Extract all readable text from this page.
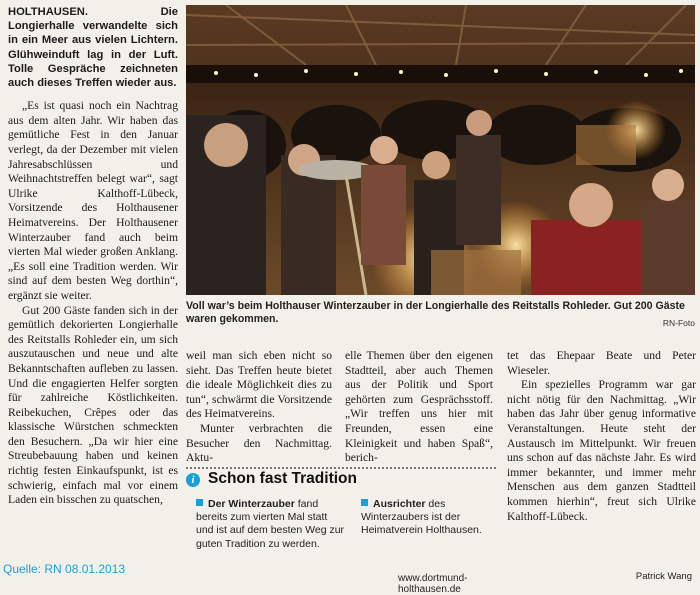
HOLTHAUSEN.	Die Longierhalle verwandelte sich in ein Meer aus vielen Lichtern. Glühweinduft lag in der Luft. Tolle Gespräche zeichneten auch dieses Treffen wieder aus.

„Es ist quasi noch ein Nachtrag aus dem alten Jahr. Wir haben das gemütliche Fest in den Januar verlegt, da der Dezember mit vielen Jahresabschlüssen und Weihnachtstreffen belegt war“, sagt Ulrike Kalthoff-Lübeck, Vorsitzende des Holthausener Heimatvereins. Der Holthausener Winterzauber fand auch beim vierten Mal wieder großen Anklang. „Es soll eine Tradition werden. Wir sind auf dem besten Weg dorthin“, ergänzt sie weiter.

Gut 200 Gäste fanden sich in der gemütlich dekorierten Longierhalle des Reitstalls Rohleder ein, um sich auszutauschen und neue und alte Bekanntschaften aufleben zu lassen. Und die engagierten Helfer sorgten für zahlreiche Köstlichkeiten. Reibekuchen, Crêpes oder das klassische Würstchen schmeckten den Besuchern. „Da wir hier eine Streubebauung haben und keinen richtig festen Einkaufspunkt, ist es schwierig, einfach mal vor einem Laden ein bisschen zu quatschen,

Voll war’s beim Holthauser Winterzauber in der Longierhalle des Reitstalls Rohleder. Gut 200 Gäste waren gekommen.	RN-Foto

weil man sich eben nicht so sieht. Das Treffen heute bietet die ideale Möglichkeit dies zu tun“, schwärmt die Vorsitzende des Heimatvereins.

Munter verbrachten die Besucher den Nachmittag. Aktu-

elle Themen über den eigenen Stadtteil, aber auch Themen aus der Politik und Sport gehörten zum Gesprächsstoff. „Wir treffen uns hier mit Freunden, essen eine Kleinigkeit und haben Spaß“, berich-

tet das Ehepaar Beate und Peter Wieseler.

Ein spezielles Programm war gar nicht nötig für den Nachmittag. „Wir haben das Jahr über genug informative Veranstaltungen. Heute steht der Austausch im Mittelpunkt. Wir freuen uns schon auf das nächste Jahr. Es wird immer bekannter, und immer mehr Menschen aus dem ganzen Stadtteil kommen hierhin“, freut sich Ulrike Kalthoff-Lübeck.

i Schon fast Tradition
Der Winterzauber fand bereits zum vierten Mal statt und ist auf dem besten Weg zur guten Tradition zu werden.
Ausrichter des Winterzaubers ist der Heimatverein Holthausen.
www.dortmund-holthausen.de
Patrick Wang
Quelle: RN 08.01.2013
